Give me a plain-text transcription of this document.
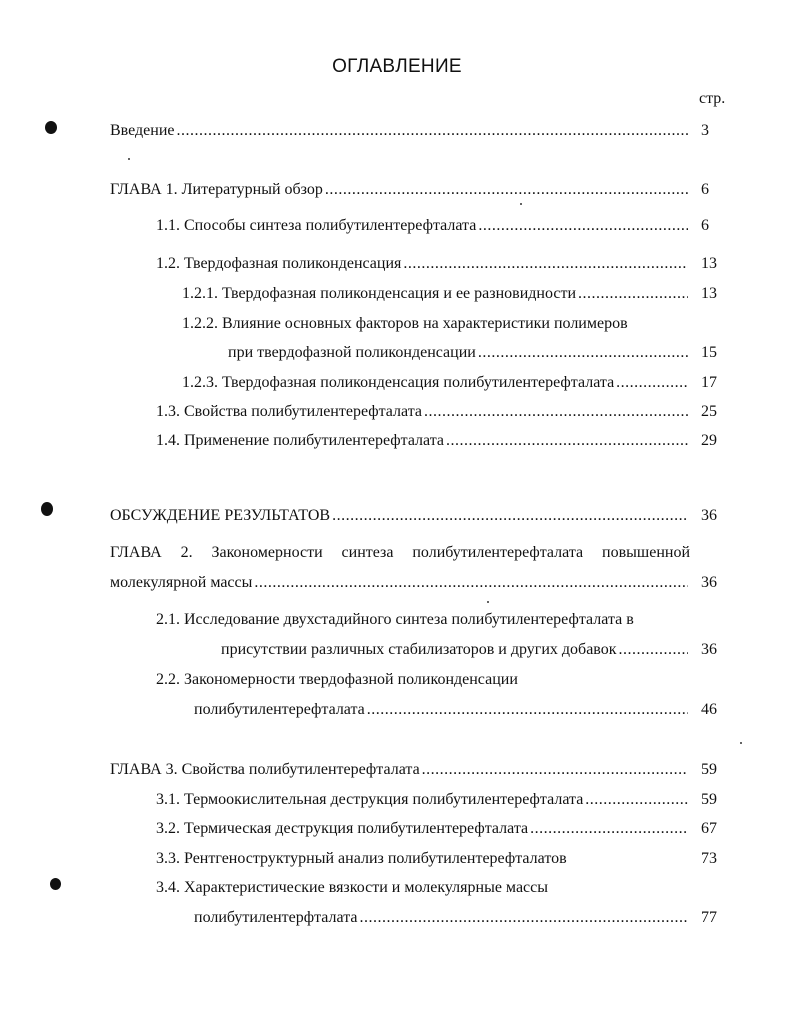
ОГЛАВЛЕНИЕ
стр.
Введение .....	3
ГЛАВА 1. Литературный обзор .....	6
1.1. Способы синтеза полибутилентерефталата .....	6
1.2. Твердофазная поликонденсация .....	13
1.2.1. Твердофазная поликонденсация и ее разновидности .....	13
1.2.2. Влияние основных факторов на характеристики полимеров
при твердофазной поликонденсации .....	15
1.2.3. Твердофазная поликонденсация полибутилентерефталата .....	17
1.3. Свойства полибутилентерефталата .....	25
1.4. Применение полибутилентерефталата .....	29
ОБСУЖДЕНИЕ РЕЗУЛЬТАТОВ .....	36
ГЛАВА 2. Закономерности синтеза полибутилентерефталата повышенной
молекулярной массы .....	36
2.1. Исследование двухстадийного синтеза полибутилентерефталата в
присутствии различных стабилизаторов и других добавок .....	36
2.2. Закономерности твердофазной поликонденсации
полибутилентерефталата .....	46
ГЛАВА 3. Свойства полибутилентерефталата .....	59
3.1. Термоокислительная деструкция полибутилентерефталата .....	59
3.2. Термическая деструкция полибутилентерефталата .....	67
3.3. Рентгеноструктурный анализ полибутилентерефталатов	73
3.4. Характеристические вязкости и молекулярные массы
полибутилентерфталата .....	77
